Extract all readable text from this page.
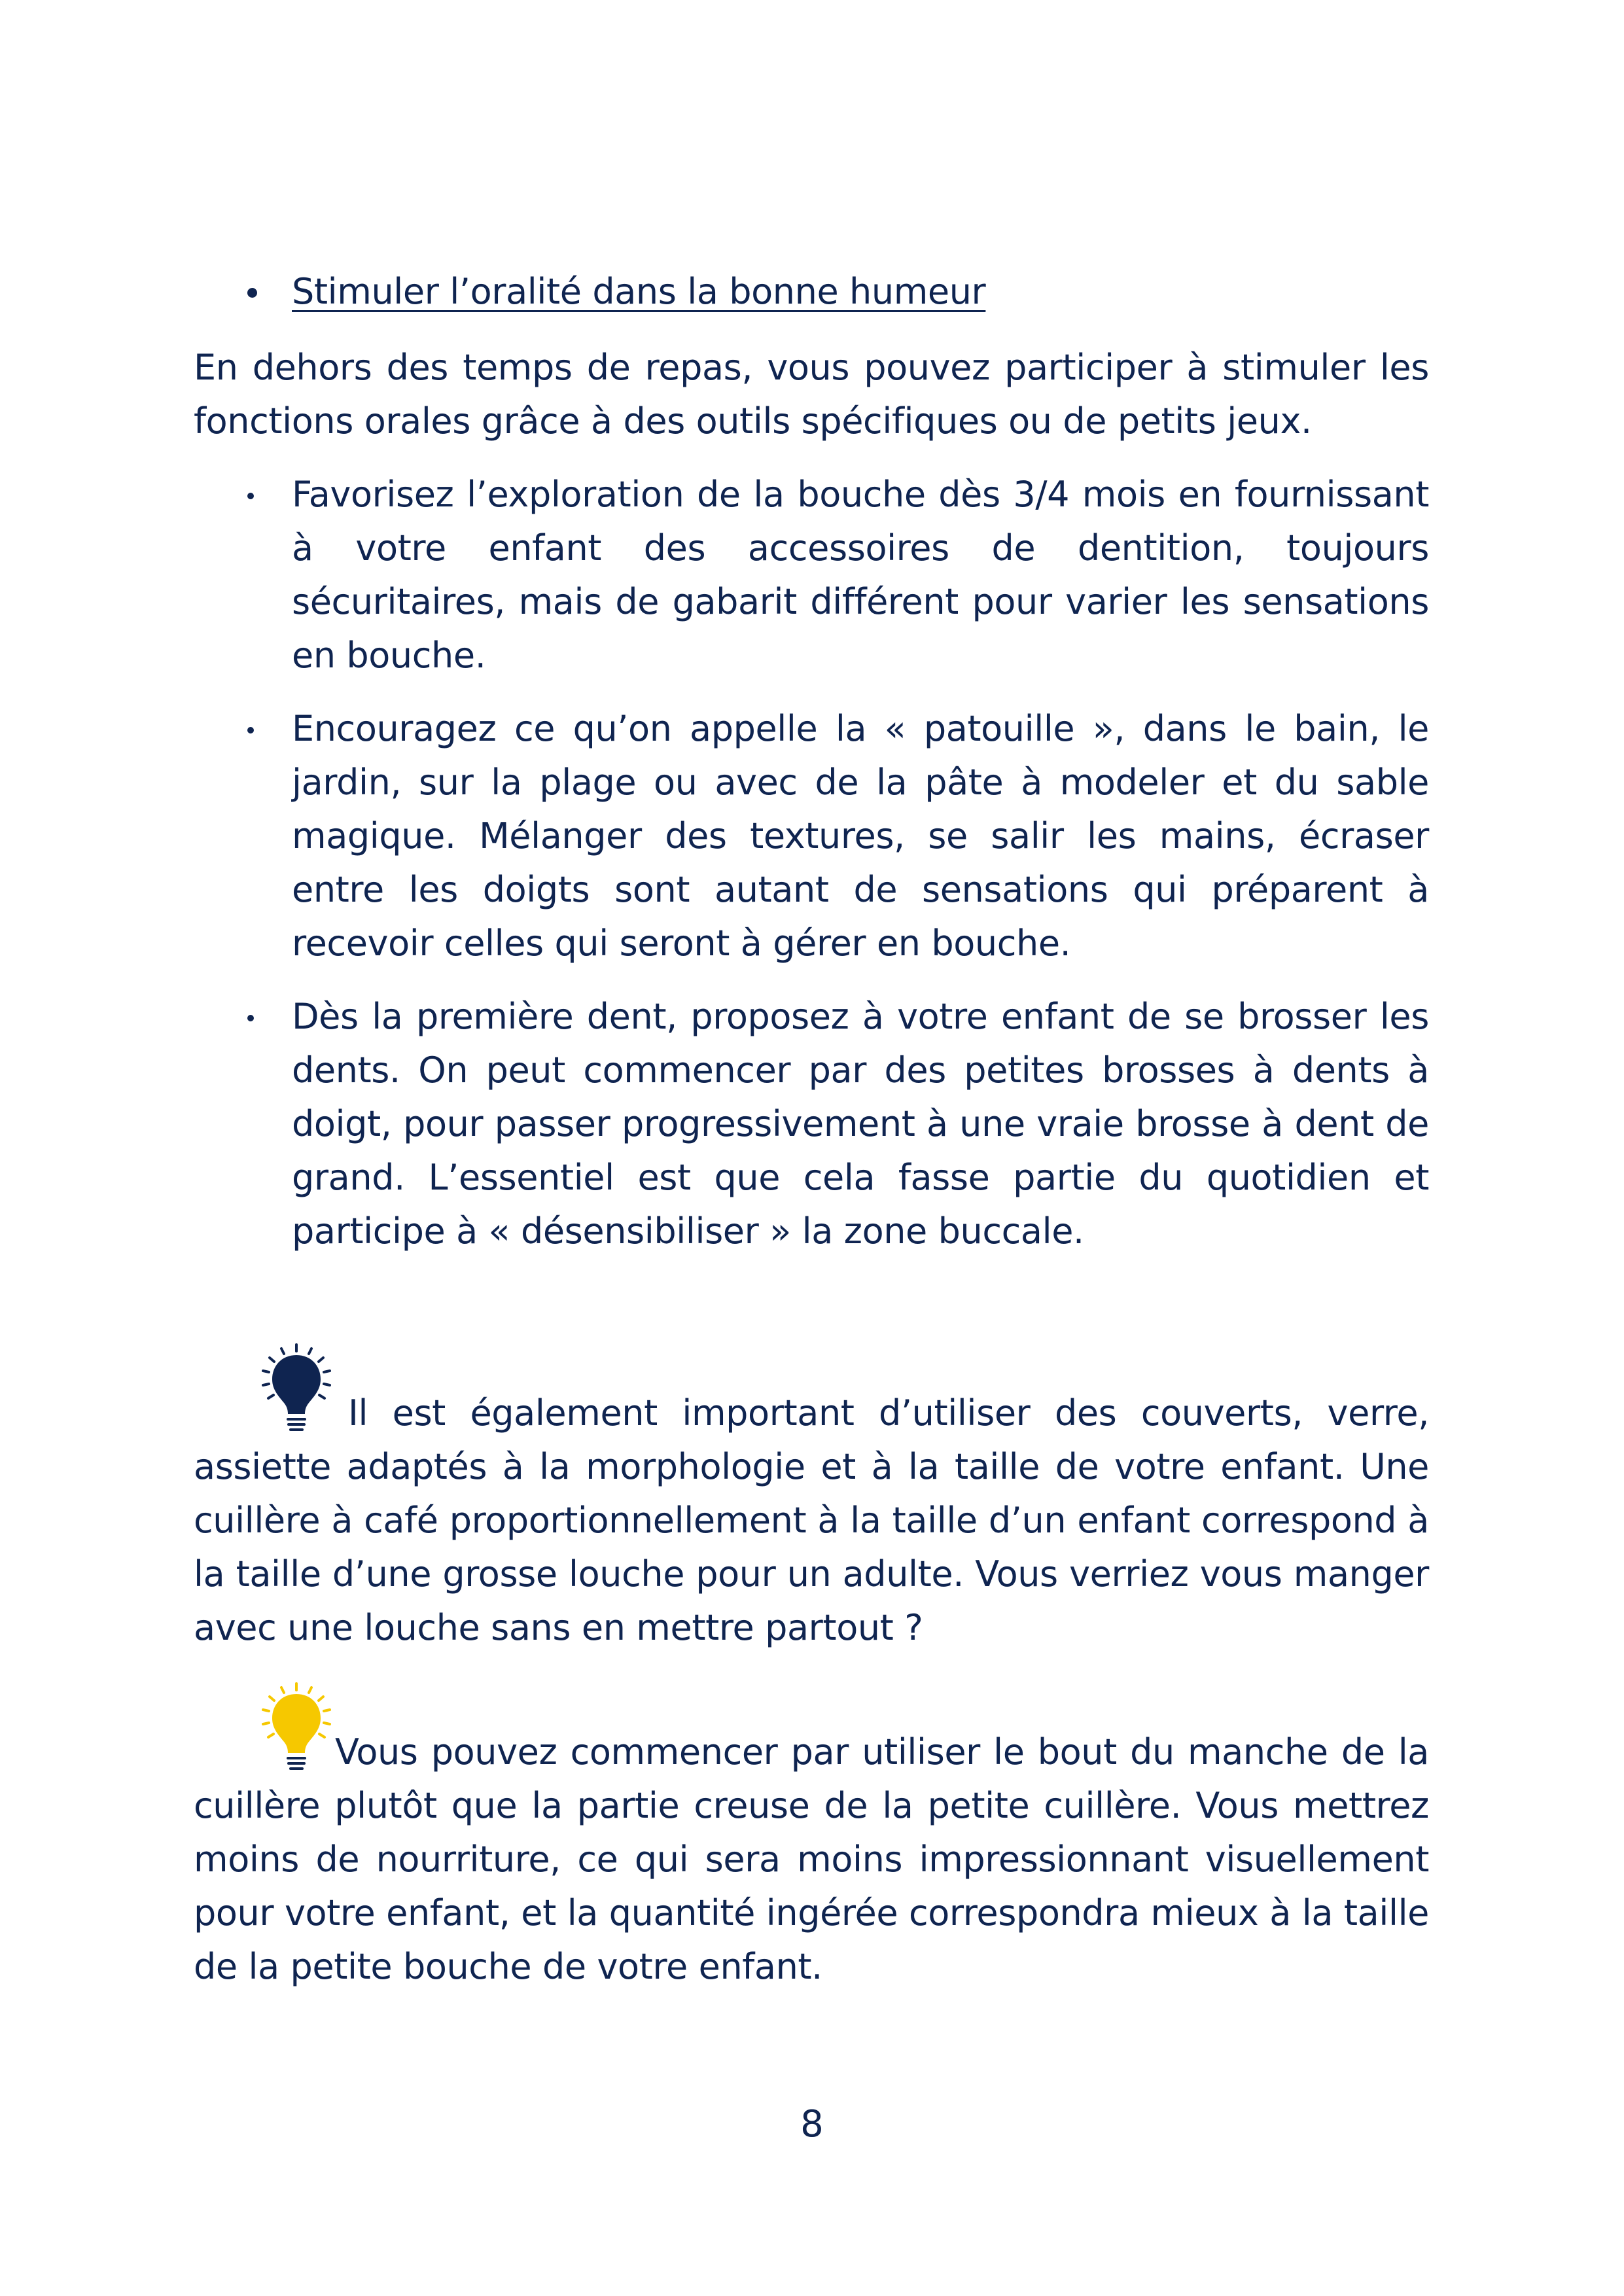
Stimuler l’oralité dans la bonne humeur

En dehors des temps de repas, vous pouvez participer à stimuler les fonctions orales grâce à des outils spécifiques ou de petits jeux.

Favorisez l’exploration de la bouche dès 3/4 mois en fournissant à votre enfant des accessoires de dentition, toujours sécuritaires, mais de gabarit différent pour varier les sensations en bouche.

Encouragez ce qu’on appelle la « patouille », dans le bain, le jardin, sur la plage ou avec de la pâte à modeler et du sable magique. Mélanger des textures, se salir les mains, écraser entre les doigts sont autant de sensations qui préparent à recevoir celles qui seront à gérer en bouche.

Dès la première dent, proposez à votre enfant de se brosser les dents. On peut commencer par des petites brosses à dents à doigt, pour passer progressivement à une vraie brosse à dent de grand. L’essentiel est que cela fasse partie du quotidien et participe à « désensibiliser » la zone buccale.

Il est également important d’utiliser des couverts, verre, assiette adaptés à la morphologie et à la taille de votre enfant. Une cuillère à café proportionnellement à la taille d’un enfant correspond à la taille d’une grosse louche pour un adulte. Vous verriez vous manger avec une louche sans en mettre partout ?

Vous pouvez commencer par utiliser le bout du manche de la cuillère plutôt que la partie creuse de la petite cuillère. Vous mettrez moins de nourriture, ce qui sera moins impressionnant visuellement pour votre enfant, et la quantité ingérée correspondra mieux à la taille de la petite bouche de votre enfant.

8
